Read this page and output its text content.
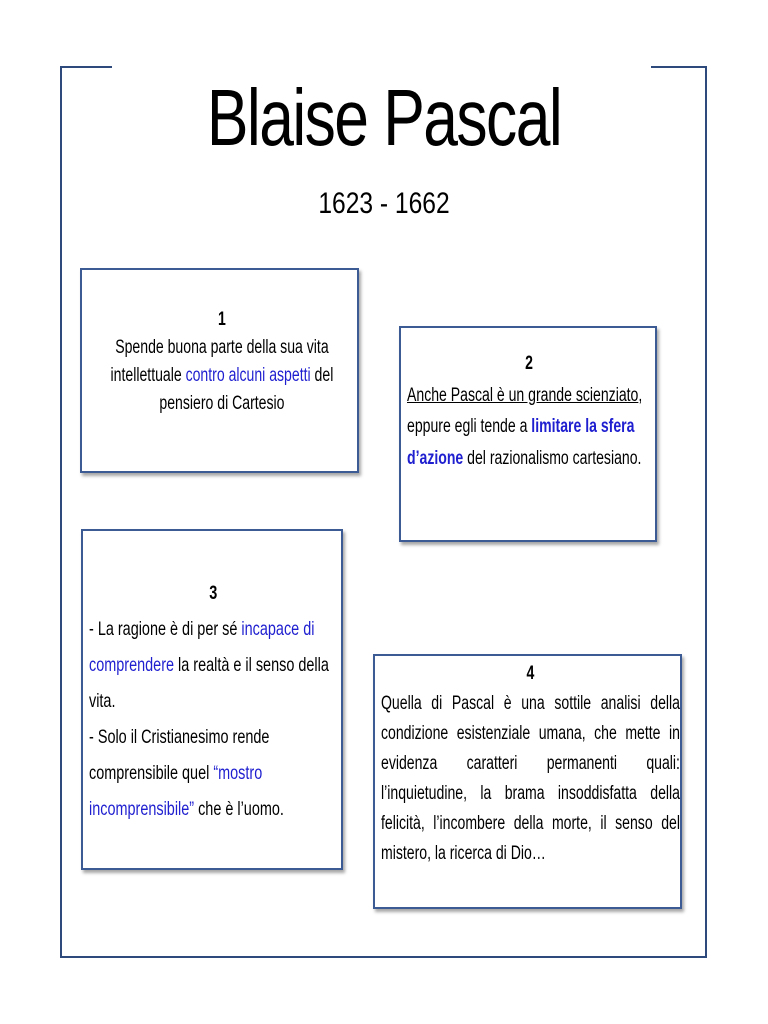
Blaise Pascal
1623 - 1662
1
Spende buona parte della sua vita intellettuale contro alcuni aspetti del pensiero di Cartesio
2
Anche Pascal è un grande scienziato, eppure egli tende a limitare la sfera d’azione del razionalismo cartesiano.
3
- La ragione è di per sé incapace di comprendere la realtà e il senso della vita.
- Solo il Cristianesimo rende comprensibile quel “mostro incomprensibile” che è l’uomo.
4
Quella di Pascal è una sottile analisi della condizione esistenziale umana, che mette in evidenza caratteri permanenti quali: l’inquietudine, la brama insoddisfatta della felicità, l’incombere della morte, il senso del mistero, la ricerca di Dio…
